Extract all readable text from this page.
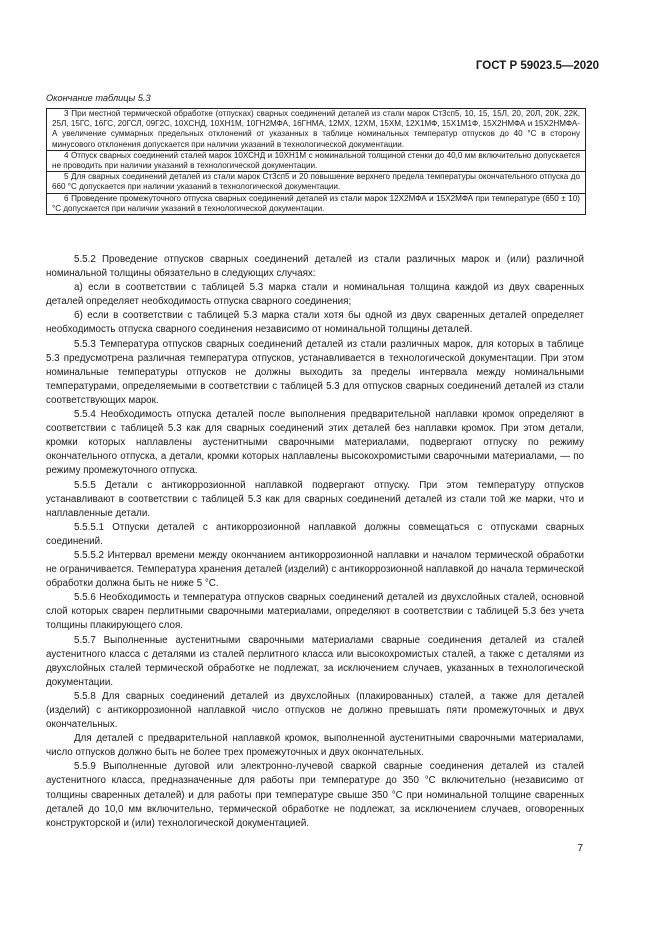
ГОСТ Р 59023.5—2020
Окончание таблицы 5.3
3 При местной термической обработке (отпусках) сварных соединений деталей из стали марок Ст3сп5, 10, 15, 15Л, 20, 20Л, 20К, 22К, 25Л, 15ГС, 16ГС, 20ГСЛ, 09Г2С, 10ХСНД, 10ХН1М, 10ГН2МФА, 16ГНМА, 12МХ, 12ХМ, 15ХМ, 12Х1МФ, 15Х1М1Ф, 15Х2НМФА и 15Х2НМФА-А увеличение суммарных предельных отклонений от указанных в таблице номинальных температур отпусков до 40 °С в сторону минусового отклонения допускается при наличии указаний в технологической документации.
4 Отпуск сварных соединений сталей марок 10ХСНД и 10ХН1М с номинальной толщиной стенки до 40,0 мм включительно допускается не проводить при наличии указаний в технологической документации.
5 Для сварных соединений деталей из стали марок Ст3сп5 и 20 повышение верхнего предела температуры окончательного отпуска до 660 °С допускается при наличии указаний в технологической документации.
6 Проведение промежуточного отпуска сварных соединений деталей из стали марок 12Х2МФА и 15Х2МФА при температуре (650 ± 10) °С допускается при наличии указаний в технологической документации.

5.5.2 Проведение отпусков сварных соединений деталей из стали различных марок и (или) различной номинальной толщины обязательно в следующих случаях:

а) если в соответствии с таблицей 5.3 марка стали и номинальная толщина каждой из двух сваренных деталей определяет необходимость отпуска сварного соединения;

б) если в соответствии с таблицей 5.3 марка стали хотя бы одной из двух сваренных деталей определяет необходимость отпуска сварного соединения независимо от номинальной толщины деталей.

5.5.3 Температура отпусков сварных соединений деталей из стали различных марок, для которых в таблице 5.3 предусмотрена различная температура отпусков, устанавливается в технологической документации. При этом номинальные температуры отпусков не должны выходить за пределы интервала между номинальными температурами, определяемыми в соответствии с таблицей 5.3 для отпусков сварных соединений деталей из стали соответствующих марок.

5.5.4 Необходимость отпуска деталей после выполнения предварительной наплавки кромок определяют в соответствии с таблицей 5.3 как для сварных соединений этих деталей без наплавки кромок. При этом детали, кромки которых наплавлены аустенитными сварочными материалами, подвергают отпуску по режиму окончательного отпуска, а детали, кромки которых наплавлены высокохромистыми сварочными материалами, — по режиму промежуточного отпуска.

5.5.5 Детали с антикоррозионной наплавкой подвергают отпуску. При этом температуру отпусков устанавливают в соответствии с таблицей 5.3 как для сварных соединений деталей из стали той же марки, что и наплавленные детали.

5.5.5.1 Отпуски деталей с антикоррозионной наплавкой должны совмещаться с отпусками сварных соединений.

5.5.5.2 Интервал времени между окончанием антикоррозионной наплавки и началом термической обработки не ограничивается. Температура хранения деталей (изделий) с антикоррозионной наплавкой до начала термической обработки должна быть не ниже 5 °С.

5.5.6 Необходимость и температура отпусков сварных соединений деталей из двухслойных сталей, основной слой которых сварен перлитными сварочными материалами, определяют в соответствии с таблицей 5.3 без учета толщины плакирующего слоя.

5.5.7 Выполненные аустенитными сварочными материалами сварные соединения деталей из сталей аустенитного класса с деталями из сталей перлитного класса или высокохромистых сталей, а также с деталями из двухслойных сталей термической обработке не подлежат, за исключением случаев, указанных в технологической документации.

5.5.8 Для сварных соединений деталей из двухслойных (плакированных) сталей, а также для деталей (изделий) с антикоррозионной наплавкой число отпусков не должно превышать пяти промежуточных и двух окончательных.

Для деталей с предварительной наплавкой кромок, выполненной аустенитными сварочными материалами, число отпусков должно быть не более трех промежуточных и двух окончательных.

5.5.9 Выполненные дуговой или электронно-лучевой сваркой сварные соединения деталей из сталей аустенитного класса, предназначенные для работы при температуре до 350 °С включительно (независимо от толщины сваренных деталей) и для работы при температуре свыше 350 °С при номинальной толщине сваренных деталей до 10,0 мм включительно, термической обработке не подлежат, за исключением случаев, оговоренных конструкторской и (или) технологической документацией.

7
